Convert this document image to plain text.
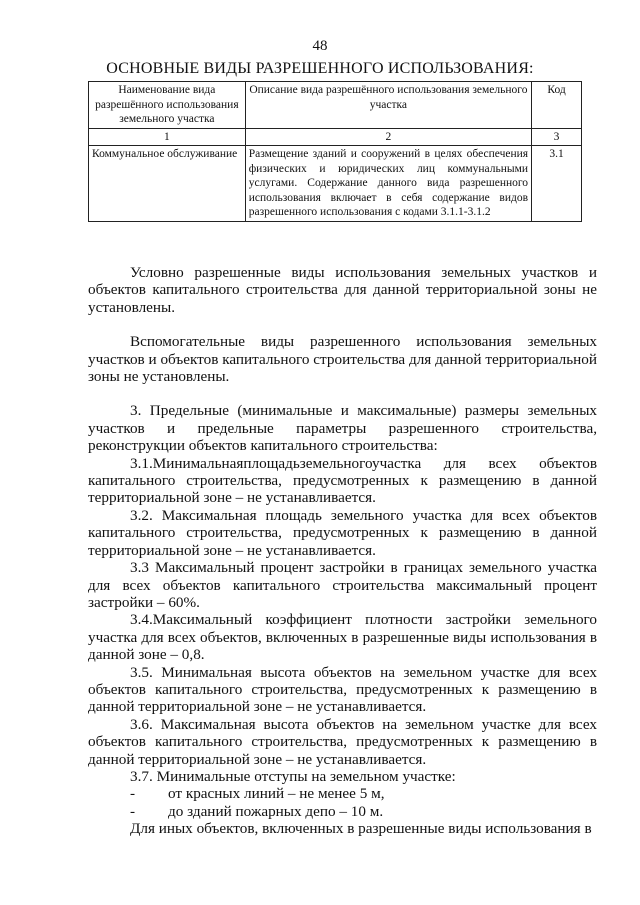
48
ОСНОВНЫЕ ВИДЫ РАЗРЕШЕННОГО ИСПОЛЬЗОВАНИЯ:
Наименование вида разрешённого использования земельного участка	Описание вида разрешённого использования земельного участка	Код
1	2	3
Коммунальное обслуживание	Размещение зданий и сооружений в целях обеспечения физических и юридических лиц коммунальными услугами. Содержание данного вида разрешенного использования включает в себя содержание видов разрешенного использования с кодами 3.1.1-3.1.2	3.1

Условно разрешенные виды использования земельных участков и объектов капитального строительства для данной территориальной зоны не установлены.

Вспомогательные виды разрешенного использования земельных участков и объектов капитального строительства для данной территориальной зоны не установлены.

3. Предельные (минимальные и максимальные) размеры земельных участков и предельные параметры разрешенного строительства, реконструкции объектов капитального строительства:

3.1.Минимальнаяплощадьземельногоучастка для всех объектов капитального строительства, предусмотренных к размещению в данной территориальной зоне – не устанавливается.

3.2. Максимальная площадь земельного участка для всех объектов капитального строительства, предусмотренных к размещению в данной территориальной зоне – не устанавливается.

3.3 Максимальный процент застройки в границах земельного участка для всех объектов капитального строительства максимальный процент застройки – 60%.

3.4.Максимальный коэффициент плотности застройки земельного участка для всех объектов, включенных в разрешенные виды использования в данной зоне – 0,8.

3.5. Минимальная высота объектов на земельном участке для всех объектов капитального строительства, предусмотренных к размещению в данной территориальной зоне – не устанавливается.

3.6. Максимальная высота объектов на земельном участке для всех объектов капитального строительства, предусмотренных к размещению в данной территориальной зоне – не устанавливается.

3.7. Минимальные отступы на земельном участке:

-	от красных линий – не менее 5 м,

-	до зданий пожарных депо – 10 м.

Для иных объектов, включенных в разрешенные виды использования в
